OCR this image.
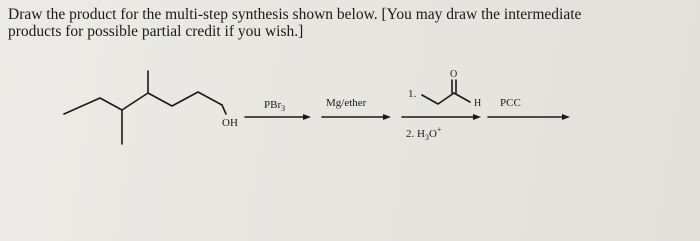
Draw the product for the multi-step synthesis shown below. [You may draw the intermediate
products for possible partial credit if you wish.]
OH
PBr$_3$	Mg/ether
1.
O
H
2. $H_3O^+$
PCC
